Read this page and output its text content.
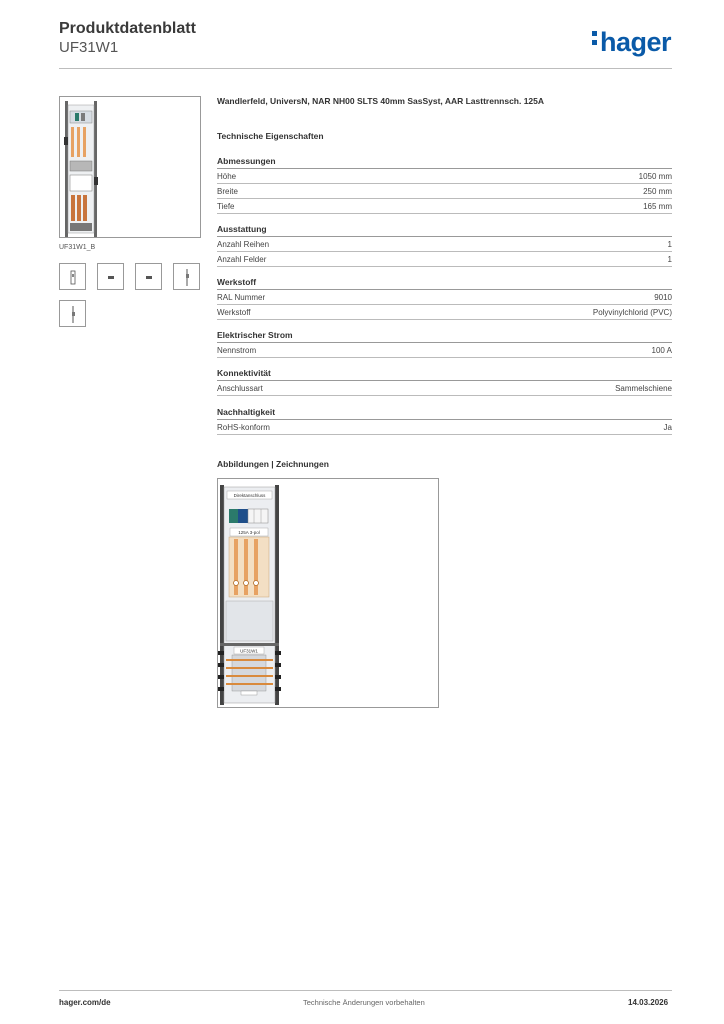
Produktdatenblatt
UF31W1	hager
UF31W1_B
Wandlerfeld, UniversN, NAR NH00 SLTS 40mm SasSyst, AAR Lasttrennsch. 125A
Technische Eigenschaften
Abmessungen
Höhe	1050 mm
Breite	250 mm
Tiefe	165 mm
Ausstattung
Anzahl Reihen	1
Anzahl Felder	1
Werkstoff
RAL Nummer	9010
Werkstoff	Polyvinylchlorid (PVC)
Elektrischer Strom
Nennstrom	100 A
Konnektivität
Anschlussart	Sammelschiene
Nachhaltigkeit
RoHS-konform	Ja
Abbildungen | Zeichnungen
Direktanschluss
125A 3-pol
UF31W1
hager.com/de	Technische Änderungen vorbehalten	14.03.2026
